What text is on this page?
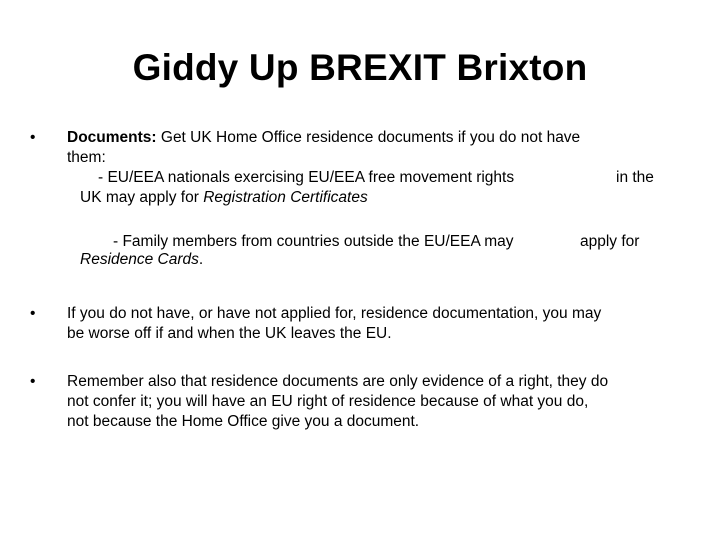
Giddy Up BREXIT Brixton
•	Documents: Get UK Home Office residence documents if you do not have
them:
- EU/EEA nationals exercising EU/EEA free movement rights	in the
UK may apply for Registration Certificates
- Family members from countries outside the EU/EEA may	apply for
Residence Cards.
•	If you do not have, or have not applied for, residence documentation, you may
be worse off if and when the UK leaves the EU.
•	Remember also that residence documents are only evidence of a right, they do
not confer it; you will have an EU right of residence because of what you do,
not because the Home Office give you a document.
